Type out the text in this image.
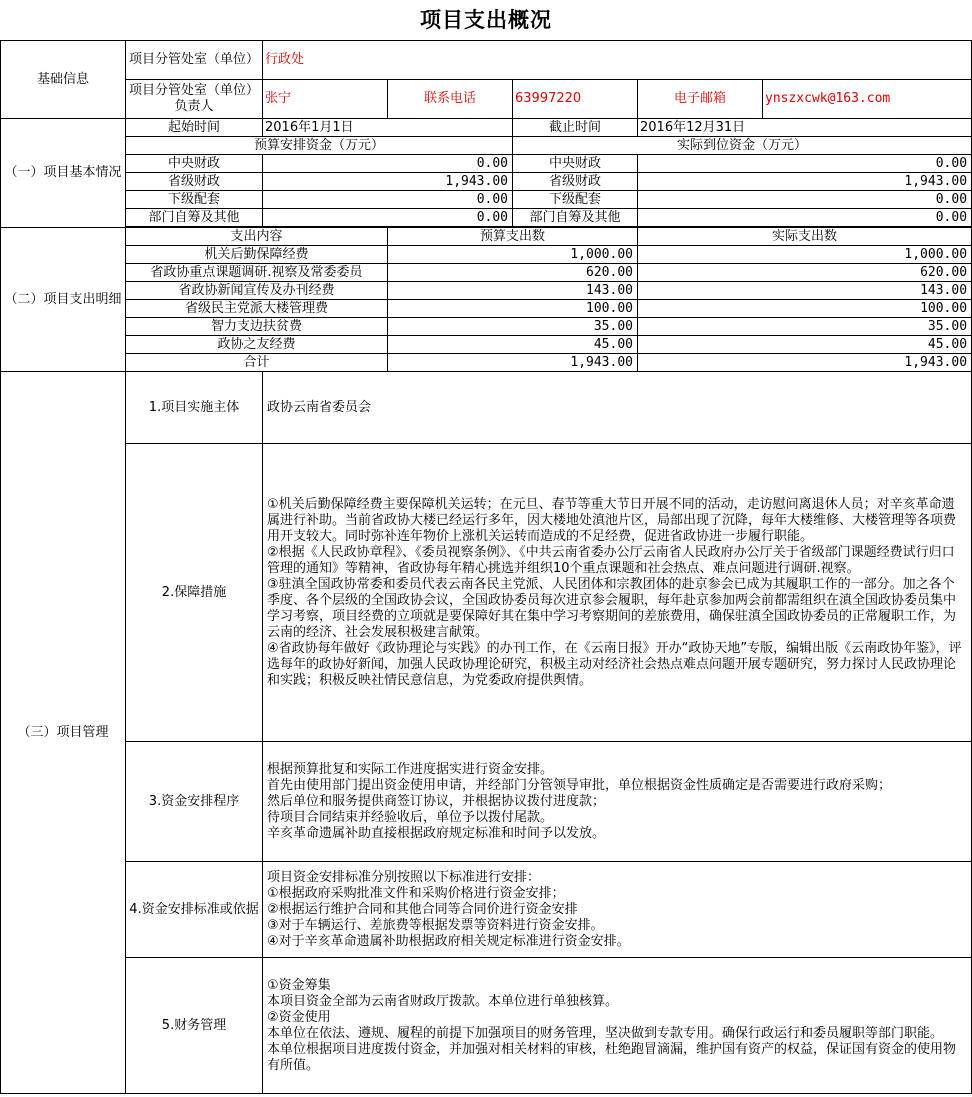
项目支出概况
基础信息	项目分管处室（单位）	行政处				
	项目分管处室（单位）负责人	张宁	联系电话	63997220	电子邮箱	ynszxcwk@163.com
（一）项目基本情况	起始时间	2016年1月1日		截止时间	2016年12月31日	
	预算安排资金（万元）			实际到位资金（万元）		
	中央财政	0.00		中央财政	0.00	
	省级财政	1,943.00		省级财政	1,943.00	
	下级配套	0.00		下级配套	0.00	
	部门自筹及其他	0.00		部门自筹及其他	0.00	

（二）项目支出明细	支出内容		预算支出数		实际支出数	
	机关后勤保障经费		1,000.00		1,000.00	
	省政协重点课题调研.视察及常委委员		620.00		620.00	
	省政协新闻宣传及办刊经费		143.00		143.00	
	省级民主党派大楼管理费		100.00		100.00	
	智力支边扶贫费		35.00		35.00	
	政协之友经费		45.00		45.00	
	合计		1,943.00		1,943.00	
（三）项目管理	1.项目实施主体	政协云南省委员会				
	2.保障措施	①机关后勤保障经费主要保障机关运转；在元旦、春节等重大节日开展不同的活动，走访慰问离退休人员；对辛亥革命遗属进行补助。当前省政协大楼已经运行多年，因大楼地处滇池片区，局部出现了沉降，每年大楼维修、大楼管理等各项费用开支较大。同时弥补连年物价上涨机关运转而造成的不足经费，促进省政协进一步履行职能。
②根据《人民政协章程》、《委员视察条例》、《中共云南省委办公厅云南省人民政府办公厅关于省级部门课题经费试行归口管理的通知》等精神，省政协每年精心挑选并组织10个重点课题和社会热点、难点问题进行调研.视察。
③驻滇全国政协常委和委员代表云南各民主党派、人民团体和宗教团体的赴京参会已成为其履职工作的一部分。加之各个季度、各个层级的全国政协会议，全国政协委员每次进京参会履职，每年赴京参加两会前都需组织在滇全国政协委员集中学习考察，项目经费的立项就是要保障好其在集中学习考察期间的差旅费用，确保驻滇全国政协委员的正常履职工作，为云南的经济、社会发展积极建言献策。
④省政协每年做好《政协理论与实践》的办刊工作，在《云南日报》开办“政协天地”专版，编辑出版《云南政协年鉴》，评选每年的政协好新闻，加强人民政协理论研究，积极主动对经济社会热点难点问题开展专题研究，努力探讨人民政协理论和实践；积极反映社情民意信息，为党委政府提供舆情。				
	3.资金安排程序	根据预算批复和实际工作进度据实进行资金安排。
首先由使用部门提出资金使用申请，并经部门分管领导审批，单位根据资金性质确定是否需要进行政府采购；
然后单位和服务提供商签订协议，并根据协议拨付进度款；
待项目合同结束并经验收后，单位予以拨付尾款。
辛亥革命遗属补助直接根据政府规定标准和时间予以发放。				
	4.资金安排标准或依据	项目资金安排标准分别按照以下标准进行安排：
①根据政府采购批准文件和采购价格进行资金安排；
②根据运行维护合同和其他合同等合同价进行资金安排
③对于车辆运行、差旅费等根据发票等资料进行资金安排。
④对于辛亥革命遗属补助根据政府相关规定标准进行资金安排。				
	5.财务管理	①资金筹集
本项目资金全部为云南省财政厅拨款。本单位进行单独核算。
②资金使用
本单位在依法、遵规、履程的前提下加强项目的财务管理，坚决做到专款专用。确保行政运行和委员履职等部门职能。
本单位根据项目进度拨付资金，并加强对相关材料的审核，杜绝跑冒滴漏，维护国有资产的权益，保证国有资金的使用物有所值。				
